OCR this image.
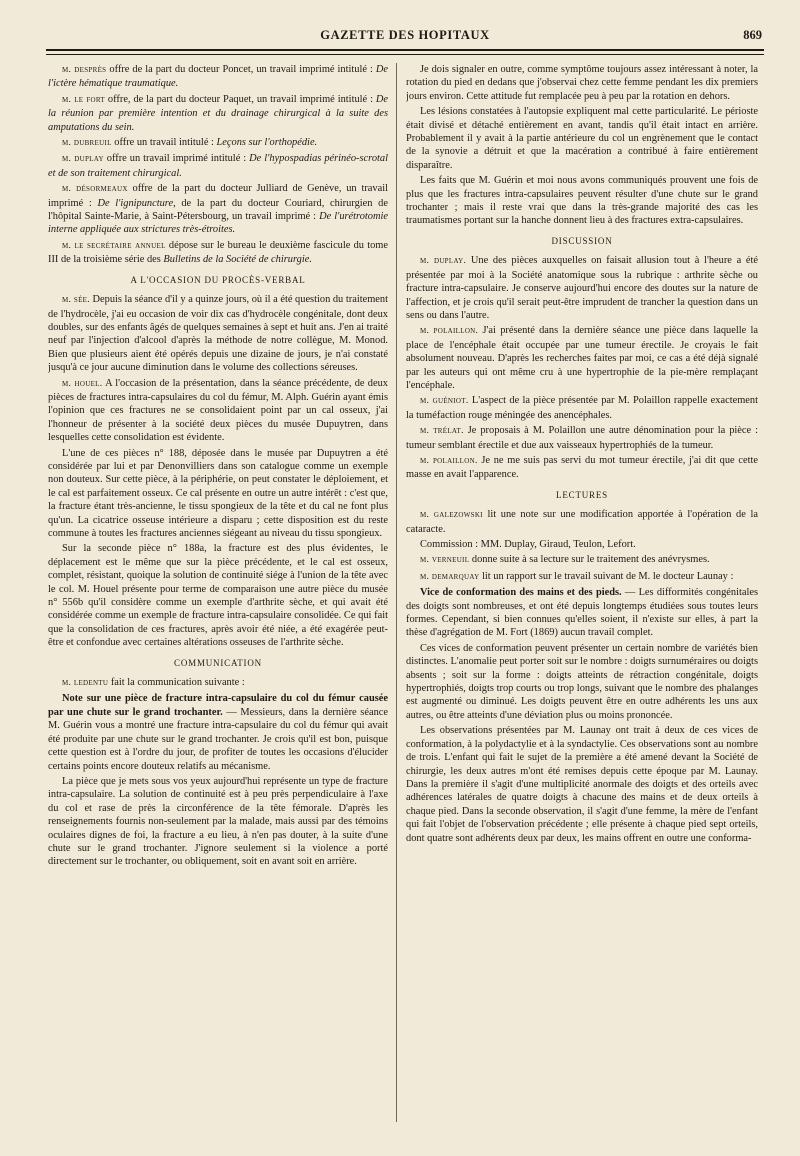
GAZETTE DES HOPITAUX	869

m. desprès offre de la part du docteur Poncet, un travail imprimé intitulé : De l'ictère hématique traumatique.

m. le fort offre, de la part du docteur Paquet, un travail imprimé intitulé : De la réunion par première intention et du drainage chirurgical à la suite des amputations du sein.

m. dubreuil offre un travail intitulé : Leçons sur l'orthopédie.

m. duplay offre un travail imprimé intitulé : De l'hypospadias périnéo-scrotal et de son traitement chirurgical.

m. désormeaux offre de la part du docteur Julliard de Genève, un travail imprimé : De l'ignipuncture, de la part du docteur Couriard, chirurgien de l'hôpital Sainte-Marie, à Saint-Pétersbourg, un travail imprimé : De l'urétrotomie interne appliquée aux strictures très-étroites.

m. le secrétaire annuel dépose sur le bureau le deuxième fascicule du tome III de la troisième série des Bulletins de la Société de chirurgie.

A L'OCCASION DU PROCÈS-VERBAL

m. sée. Depuis la séance d'il y a quinze jours, où il a été question du traitement de l'hydrocèle, j'ai eu occasion de voir dix cas d'hydrocèle congénitale, dont deux doubles, sur des enfants âgés de quelques semaines à sept et huit ans. J'en ai traité neuf par l'injection d'alcool d'après la méthode de notre collègue, M. Monod. Bien que plusieurs aient été opérés depuis une dizaine de jours, je n'ai constaté jusqu'à ce jour aucune diminution dans le volume des collections séreuses.

m. houel. A l'occasion de la présentation, dans la séance précédente, de deux pièces de fractures intra-capsulaires du col du fémur, M. Alph. Guérin ayant émis l'opinion que ces fractures ne se consolidaient point par un cal osseux, j'ai l'honneur de présenter à la société deux pièces du musée Dupuytren, dans lesquelles cette consolidation est évidente.

L'une de ces pièces n° 188, déposée dans le musée par Dupuytren a été considérée par lui et par Denonvilliers dans son catalogue comme un exemple non douteux. Sur cette pièce, à la périphérie, on peut constater le déploiement, et le cal est parfaitement osseux. Ce cal présente en outre un autre intérêt : c'est que, la fracture étant très-ancienne, le tissu spongieux de la tête et du cal ne font plus qu'un. La cicatrice osseuse intérieure a disparu ; cette disposition est du reste commune à toutes les fractures anciennes siégeant au niveau du tissu spongieux.

Sur la seconde pièce n° 188a, la fracture est des plus évidentes, le déplacement est le même que sur la pièce précédente, et le cal est osseux, complet, résistant, quoique la solution de continuité siége à l'union de la tête avec le col. M. Houel présente pour terme de comparaison une autre pièce du musée n° 556b qu'il considère comme un exemple d'arthrite sèche, et qui avait été considérée comme un exemple de fracture intra-capsulaire consolidée. Ce qui fait que la consolidation de ces fractures, après avoir été niée, a été exagérée peut-être et confondue avec certaines altérations osseuses de l'arthrite sèche.

COMMUNICATION

m. ledentu fait la communication suivante :

Note sur une pièce de fracture intra-capsulaire du col du fémur causée par une chute sur le grand trochanter. — Messieurs, dans la dernière séance M. Guérin vous a montré une fracture intra-capsulaire du col du fémur qui avait été produite par une chute sur le grand trochanter. Je crois qu'il est bon, puisque cette question est à l'ordre du jour, de profiter de toutes les occasions d'élucider certains points encore douteux relatifs au mécanisme.

La pièce que je mets sous vos yeux aujourd'hui représente un type de fracture intra-capsulaire. La solution de continuité est à peu près perpendiculaire à l'axe du col et rase de près la circonférence de la tête fémorale. D'après les renseignements fournis non-seulement par la malade, mais aussi par des témoins oculaires dignes de foi, la fracture a eu lieu, à n'en pas douter, à la suite d'une chute sur le grand trochanter. J'ignore seulement si la violence a porté directement sur le trochanter, ou obliquement, soit en avant soit en arrière.

Je dois signaler en outre, comme symptôme toujours assez intéressant à noter, la rotation du pied en dedans que j'observai chez cette femme pendant les dix premiers jours environ. Cette attitude fut remplacée peu à peu par la rotation en dehors.

Les lésions constatées à l'autopsie expliquent mal cette particularité. Le périoste était divisé et détaché entièrement en avant, tandis qu'il était intact en arrière. Probablement il y avait à la partie antérieure du col un engrènement que le contact de la synovie a détruit et que la macération a contribué à faire entièrement disparaître.

Les faits que M. Guérin et moi nous avons communiqués prouvent une fois de plus que les fractures intra-capsulaires peuvent résulter d'une chute sur le grand trochanter ; mais il reste vrai que dans la très-grande majorité des cas les traumatismes portant sur la hanche donnent lieu à des fractures extra-capsulaires.

DISCUSSION

m. duplay. Une des pièces auxquelles on faisait allusion tout à l'heure a été présentée par moi à la Société anatomique sous la rubrique : arthrite sèche ou fracture intra-capsulaire. Je conserve aujourd'hui encore des doutes sur la nature de l'affection, et je crois qu'il serait peut-être imprudent de trancher la question dans un sens ou dans l'autre.

m. polaillon. J'ai présenté dans la dernière séance une pièce dans laquelle la place de l'encéphale était occupée par une tumeur érectile. Je croyais le fait absolument nouveau. D'après les recherches faites par moi, ce cas a été déjà signalé par les auteurs qui ont même cru à une hypertrophie de la pie-mère remplaçant l'encéphale.

m. guéniot. L'aspect de la pièce présentée par M. Polaillon rappelle exactement la tuméfaction rouge méningée des anencéphales.

m. trélat. Je proposais à M. Polaillon une autre dénomination pour la pièce : tumeur semblant érectile et due aux vaisseaux hypertrophiés de la tumeur.

m. polaillon. Je ne me suis pas servi du mot tumeur érectile, j'ai dit que cette masse en avait l'apparence.

LECTURES

m. galezowski lit une note sur une modification apportée à l'opération de la cataracte.

Commission : MM. Duplay, Giraud, Teulon, Lefort.

m. verneuil donne suite à sa lecture sur le traitement des anévrysmes.

m. demarquay lit un rapport sur le travail suivant de M. le docteur Launay :

Vice de conformation des mains et des pieds. — Les difformités congénitales des doigts sont nombreuses, et ont été depuis longtemps étudiées sous toutes leurs formes. Cependant, si bien connues qu'elles soient, il n'existe sur elles, à part la thèse d'agrégation de M. Fort (1869) aucun travail complet.

Ces vices de conformation peuvent présenter un certain nombre de variétés bien distinctes. L'anomalie peut porter soit sur le nombre : doigts surnuméraires ou doigts absents ; soit sur la forme : doigts atteints de rétraction congénitale, doigts hypertrophiés, doigts trop courts ou trop longs, suivant que le nombre des phalanges est augmenté ou diminué. Les doigts peuvent être en outre adhérents les uns aux autres, ou être atteints d'une déviation plus ou moins prononcée.

Les observations présentées par M. Launay ont trait à deux de ces vices de conformation, à la polydactylie et à la syndactylie. Ces observations sont au nombre de trois. L'enfant qui fait le sujet de la première a été amené devant la Société de chirurgie, les deux autres m'ont été remises depuis cette époque par M. Launay. Dans la première il s'agit d'une multiplicité anormale des doigts et des orteils avec adhérences latérales de quatre doigts à chacune des mains et de deux orteils à chaque pied. Dans la seconde observation, il s'agit d'une femme, la mère de l'enfant qui fait l'objet de l'observation précédente ; elle présente à chaque pied sept orteils, dont quatre sont adhérents deux par deux, les mains offrent en outre une conforma-
